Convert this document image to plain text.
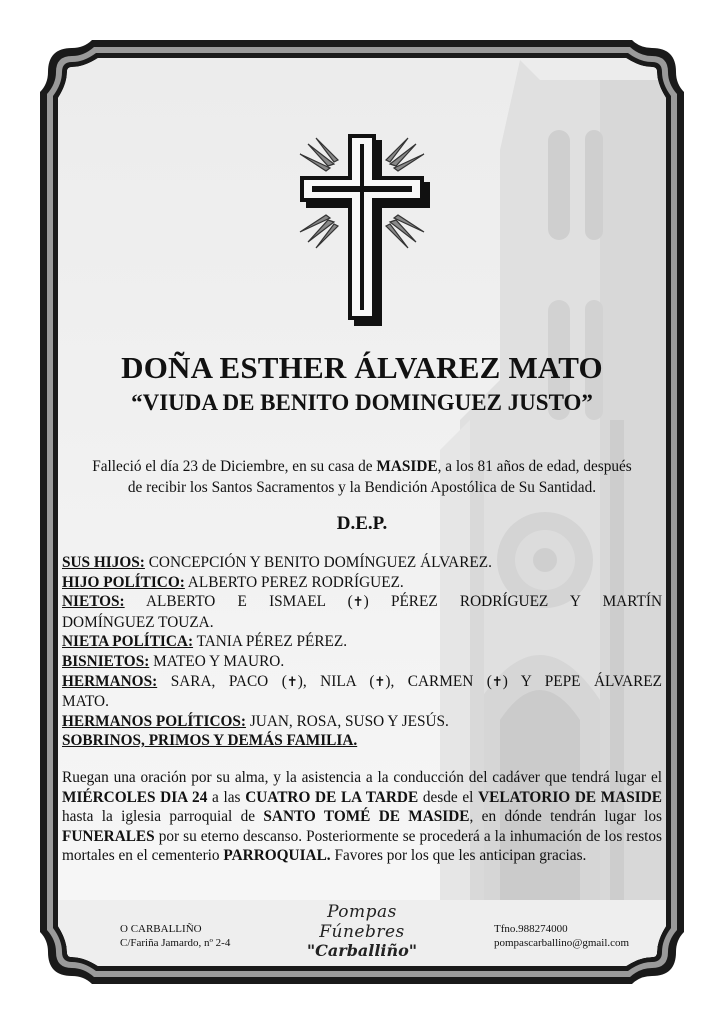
DOÑA ESTHER ÁLVAREZ MATO
“VIUDA DE BENITO DOMINGUEZ JUSTO”
Falleció el día 23 de Diciembre, en su casa de MASIDE, a los 81 años de edad, después
de recibir los Santos Sacramentos y la Bendición Apostólica de Su Santidad.
D.E.P.
SUS HIJOS: CONCEPCIÓN Y BENITO DOMÍNGUEZ ÁLVAREZ.
HIJO POLÍTICO: ALBERTO PEREZ RODRÍGUEZ.
NIETOS: ALBERTO E ISMAEL (✝) PÉREZ RODRÍGUEZ Y MARTÍN
DOMÍNGUEZ TOUZA.
NIETA POLÍTICA: TANIA PÉREZ PÉREZ.
BISNIETOS: MATEO Y MAURO.
HERMANOS: SARA, PACO (✝), NILA (✝), CARMEN (✝) Y PEPE ÁLVAREZ
MATO.
HERMANOS POLÍTICOS: JUAN, ROSA, SUSO Y JESÚS.
SOBRINOS, PRIMOS Y DEMÁS FAMILIA.
Ruegan una oración por su alma, y la asistencia a la conducción del cadáver que tendrá lugar el MIÉRCOLES DIA 24 a las CUATRO DE LA TARDE desde el VELATORIO DE MASIDE hasta la iglesia parroquial de SANTO TOMÉ DE MASIDE, en dónde tendrán lugar los FUNERALES por su eterno descanso. Posteriormente se procederá a la inhumación de los restos mortales en el cementerio PARROQUIAL. Favores por los que les anticipan gracias.
O CARBALLIÑO
C/Fariña Jamardo, nº 2-4
Pompas Fúnebres
"Carballiño"
Tfno.988274000
pompascarballino@gmail.com
